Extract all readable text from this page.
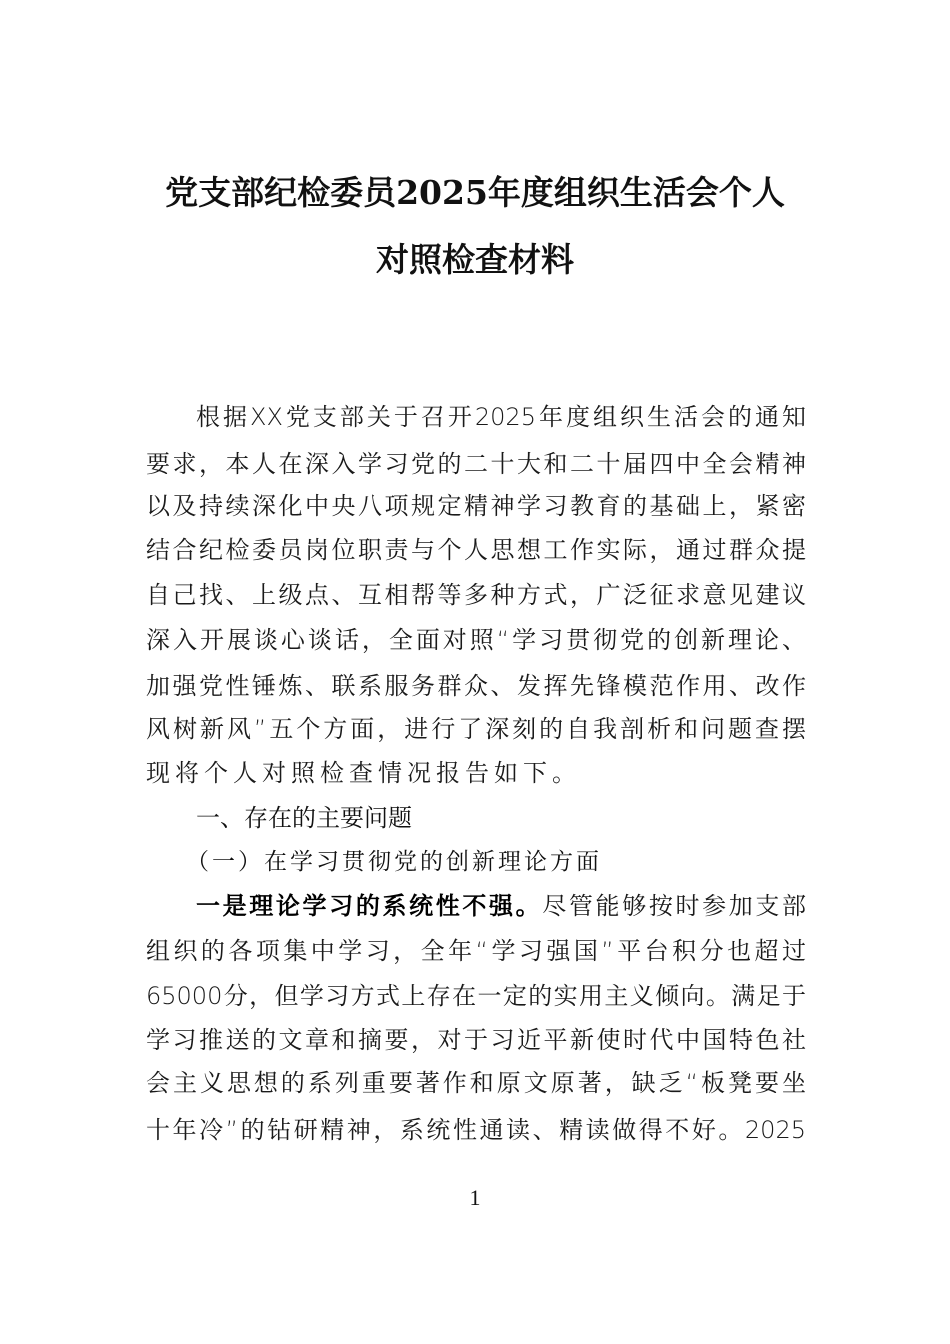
党支部纪检委员2025年度组织生活会个人
对照检查材料
根​据​X​X​党​支​部​关​于​召​开​2​0​2​5​年​度​组​织​生​活​会​的​通​知
要​求​，​本​人​在​深​入​学​习​党​的​二​十​大​和​二​十​届​四​中​全​会​精​神
以​及​持​续​深​化​中​央​八​项​规​定​精​神​学​习​教​育​的​基​础​上​，​紧​密
结​合​纪​检​委​员​岗​位​职​责​与​个​人​思​想​工​作​实​际​，​通​过​群​众​提
自​己​找​、​上​级​点​、​互​相​帮​等​多​种​方​式​，​广​泛​征​求​意​见​建​议
深​入​开​展​谈​心​谈​话​，​全​面​对​照​“​学​习​贯​彻​党​的​创​新​理​论​、
加​强​党​性​锤​炼​、​联​系​服​务​群​众​、​发​挥​先​锋​模​范​作​用​、​改​作
风​树​新​风​”​五​个​方​面​，​进​行​了​深​刻​的​自​我​剖​析​和​问​题​查​摆
现将个人对照检查情况报告如下。
一、存在的主要问题
（一）在学习贯彻党的创新理论方面
一​是​理​论​学​习​的​系​统​性​不​强​。尽​管​能​够​按​时​参​加​支​部
组​织​的​各​项​集​中​学​习​，​全​年​“​学​习​强​国​”​平​台​积​分​也​超​过
6​5​0​0​0​分​，​但​学​习​方​式​上​存​在​一​定​的​实​用​主​义​倾​向​。​满​足​于
学​习​推​送​的​文​章​和​摘​要​，​对​于​习​近​平​新​使​时​代​中​国​特​色​社
会​主​义​思​想​的​系​列​重​要​著​作​和​原​文​原​著​，​缺​乏​“​板​凳​要​坐
十​年​冷​”​的​钻​研​精​神​，​系​统​性​通​读​、​精​读​做​得​不​好​。​2​0​2​5
1
